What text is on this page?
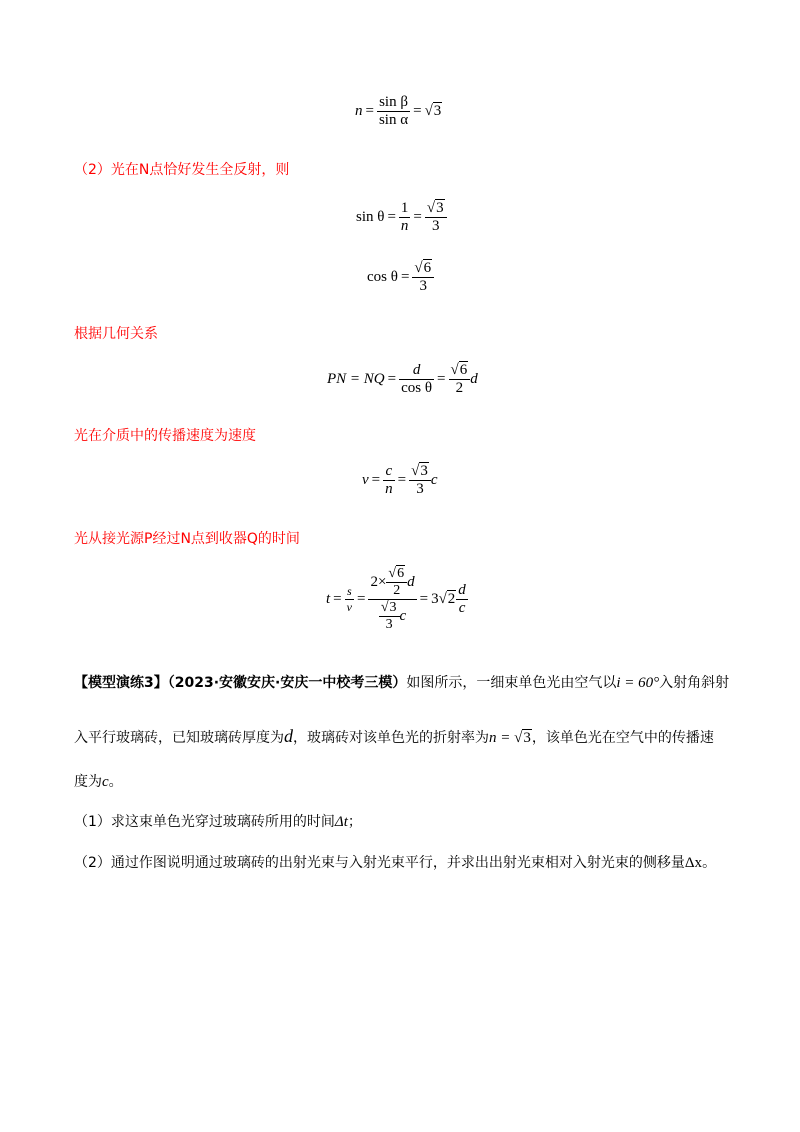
$n = \frac{\text{sin β}}{\text{sin α}} = √3$
（2）光在N点恰好发生全反射，则
$\sin \theta = \frac{1}{n} = \frac{√3}{3}$
$\cos \theta = \frac{√6}{3}$
根据几何关系
PN = NQ = $\frac{d}{\text{cos θ}} = \frac{√6}{2}$ d
光在介质中的传播速度为速度
$v = \frac{c}{n} = \frac{√3}{3}$ c
光从接光源P经过N点到收器Q的时间
$t = \frac{s}{v} = \frac{2\times \frac{√6}{2} d}{\frac{√3}{3} c} = 3$ $√2 \frac{d}{c}$
【模型演练3】（2023·安徽安庆·安庆一中校考三模）如图所示，一细束单色光由空气以i = 60°入射角斜射
入平行玻璃砖，已知玻璃砖厚度为d，玻璃砖对该单色光的折射率为n = √3，该单色光在空气中的传播速
度为c。
（1）求这束单色光穿过玻璃砖所用的时间Δt；
（2）通过作图说明通过玻璃砖的出射光束与入射光束平行，并求出出射光束相对入射光束的侧移量Δx。
